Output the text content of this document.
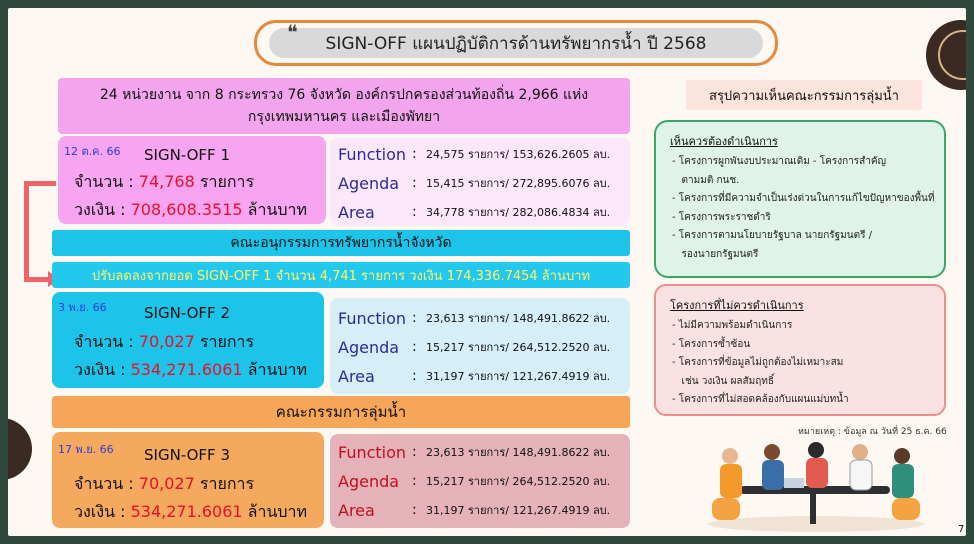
SIGN-OFF แผนปฏิบัติการด้านทรัพยากรน้ำ ปี 2568
❝
24 หน่วยงาน จาก 8 กระทรวง 76 จังหวัด องค์กรปกครองส่วนท้องถิ่น 2,966 แห่ง
กรุงเทพมหานคร และเมืองพัทยา
12 ต.ค. 66 SIGN-OFF 1
จำนวน : 74,768 รายการ
วงเงิน : 708,608.3515 ล้านบาท
Function : 24,575 รายการ/ 153,626.2605 ลบ.
Agenda : 15,415 รายการ/ 272,895.6076 ลบ.
Area	: 34,778 รายการ/ 282,086.4834 ลบ.
คณะอนุกรรมการทรัพยากรน้ำจังหวัด
ปรับลดลงจากยอด SIGN-OFF 1 จำนวน 4,741 รายการ วงเงิน 174,336.7454 ล้านบาท
3 พ.ย. 66 SIGN-OFF 2
จำนวน : 70,027 รายการ
วงเงิน : 534,271.6061 ล้านบาท
Function : 23,613 รายการ/ 148,491.8622 ลบ.
Agenda : 15,217 รายการ/ 264,512.2520 ลบ.
Area	: 31,197 รายการ/ 121,267.4919 ลบ.
คณะกรรมการลุ่มน้ำ
17 พ.ย. 66 SIGN-OFF 3
จำนวน : 70,027 รายการ
วงเงิน : 534,271.6061 ล้านบาท
Function : 23,613 รายการ/ 148,491.8622 ลบ.
Agenda : 15,217 รายการ/ 264,512.2520 ลบ.
Area	: 31,197 รายการ/ 121,267.4919 ลบ.
สรุปความเห็นคณะกรรมการลุ่มน้ำ
เห็นควรต้องดำเนินการ
- โครงการผูกพันงบประมาณเดิม - โครงการสำคัญ
ตามมติ กนช.
- โครงการที่มีความจำเป็นเร่งด่วนในการแก้ไขปัญหาของพื้นที่
- โครงการพระราชดำริ
- โครงการตามนโยบายรัฐบาล นายกรัฐมนตรี /
รองนายกรัฐมนตรี
โครงการที่ไม่ควรดำเนินการ
- ไม่มีความพร้อมดำเนินการ
- โครงการซ้ำซ้อน
- โครงการที่ข้อมูลไม่ถูกต้องไม่เหมาะสม
เช่น วงเงิน ผลสัมฤทธิ์
- โครงการที่ไม่สอดคล้องกับแผนแม่บทน้ำ
หมายเหตุ : ข้อมูล ณ วันที่ 25 ธ.ค. 66
7
